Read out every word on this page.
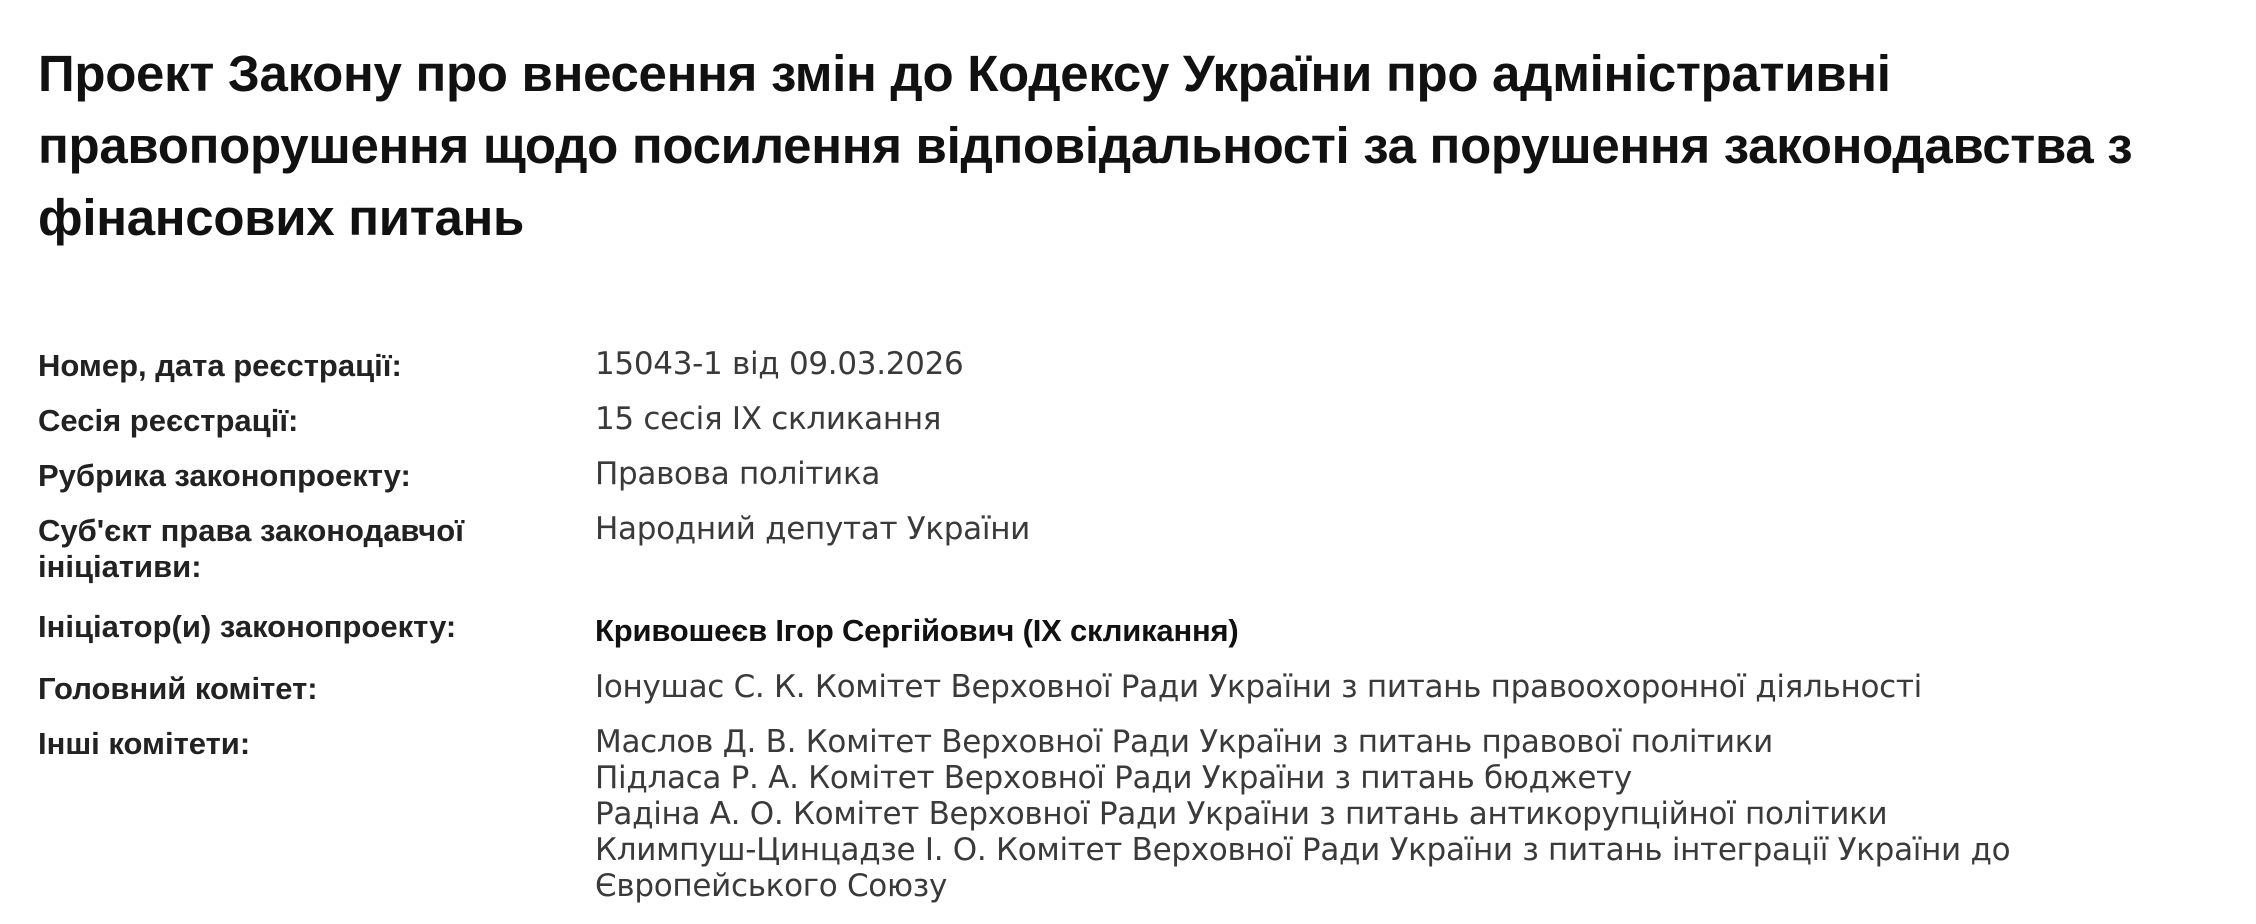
Проект Закону про внесення змін до Кодексу України про адміністративні правопорушення щодо посилення відповідальності за порушення законодавства з фінансових питань
Номер, дата реєстрації:	15043-1 від 09.03.2026
Сесія реєстрації:	15 сесія IX скликання
Рубрика законопроекту:	Правова політика
Суб'єкт права законодавчої ініціативи:
Народний депутат України
Ініціатор(и) законопроекту:	Кривошеєв Ігор Сергійович (IX скликання)
Головний комітет:	Іонушас С. К. Комітет Верховної Ради України з питань правоохоронної діяльності
Інші комітети:	Маслов Д. В. Комітет Верховної Ради України з питань правової політики
Підласа Р. А. Комітет Верховної Ради України з питань бюджету
Радіна А. О. Комітет Верховної Ради України з питань антикорупційної політики
Климпуш-Цинцадзе І. О. Комітет Верховної Ради України з питань інтеграції України до Європейського Союзу
